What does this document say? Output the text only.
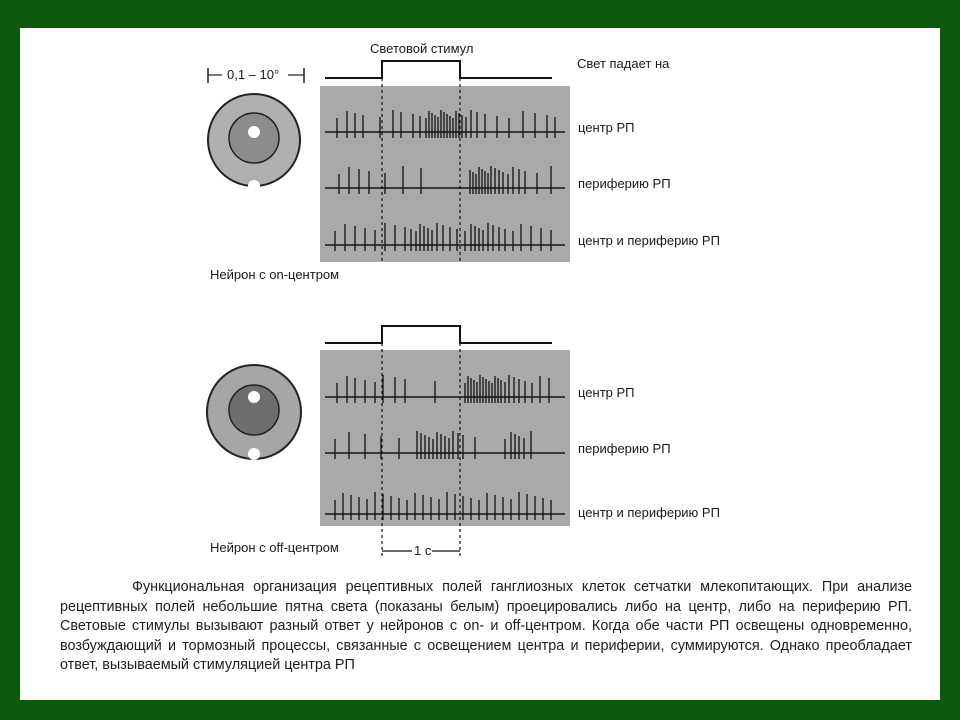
Световой стимул
Свет падает на
0,1 – 10°
Нейрон с on-центром
Нейрон с off-центром	1 с
центр РП
периферию РП
центр и периферию РП
центр РП
периферию РП
центр и периферию РП

Функциональная организация рецептивных полей ганглиозных клеток сетчатки млекопитающих. При анализе рецептивных полей небольшие пятна света (показаны белым) проецировались либо на центр, либо на периферию РП. Световые стимулы вызывают разный ответ у нейронов с on- и off-центром. Когда обе части РП освещены одновременно, возбуждающий и тормозный процессы, связанные с освещением центра и периферии, суммируются. Однако преобладает ответ, вызываемый стимуляцией центра РП
